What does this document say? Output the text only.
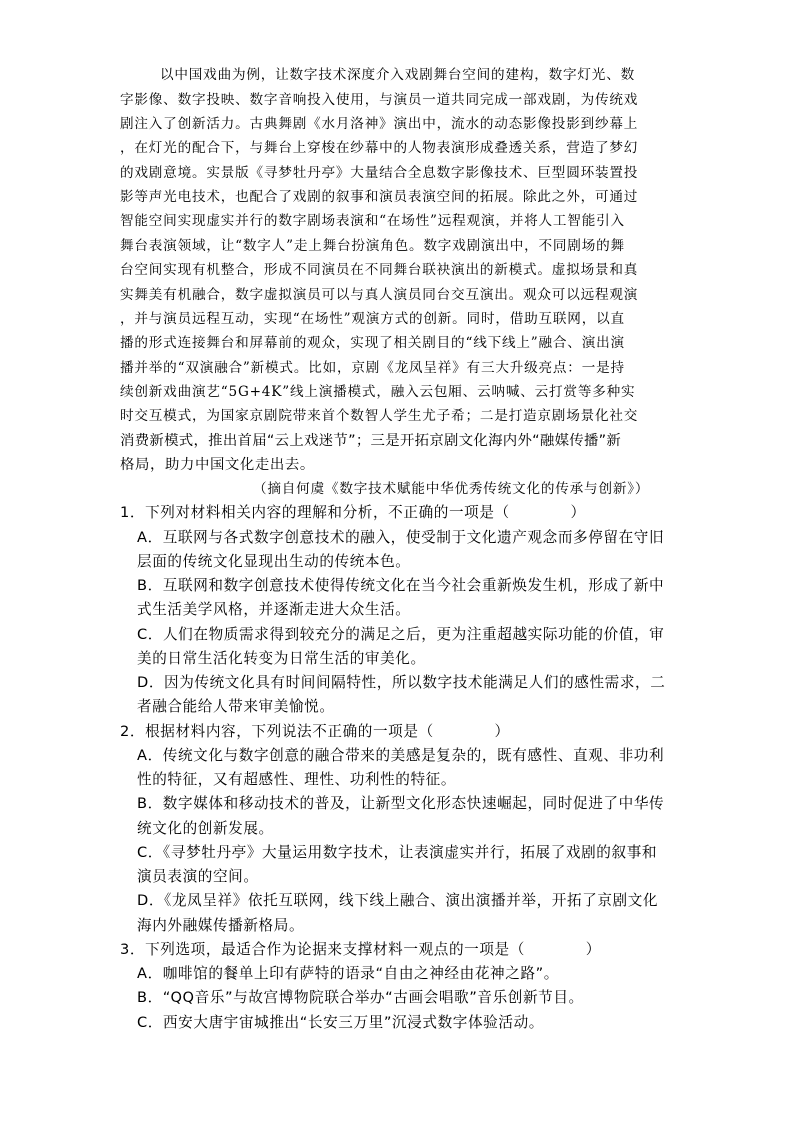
以中国戏曲为例，让数字技术深度介入戏剧舞台空间的建构，数字灯光、数
字影像、数字投映、数字音响投入使用，与演员一道共同完成一部戏剧，为传统戏
剧注入了创新活力。古典舞剧《水月洛神》演出中，流水的动态影像投影到纱幕上
，在灯光的配合下，与舞台上穿梭在纱幕中的人物表演形成叠透关系，营造了梦幻
的戏剧意境。实景版《寻梦牡丹亭》大量结合全息数字影像技术、巨型圆环装置投
影等声光电技术，也配合了戏剧的叙事和演员表演空间的拓展。除此之外，可通过
智能空间实现虚实并行的数字剧场表演和“在场性”远程观演，并将人工智能引入
舞台表演领域，让“数字人”走上舞台扮演角色。数字戏剧演出中，不同剧场的舞
台空间实现有机整合，形成不同演员在不同舞台联袂演出的新模式。虚拟场景和真
实舞美有机融合，数字虚拟演员可以与真人演员同台交互演出。观众可以远程观演
，并与演员远程互动，实现“在场性”观演方式的创新。同时，借助互联网，以直
播的形式连接舞台和屏幕前的观众，实现了相关剧目的“线下线上”融合、演出演
播并举的“双演融合”新模式。比如，京剧《龙凤呈祥》有三大升级亮点：一是持
续创新戏曲演艺“5G+4K”线上演播模式，融入云包厢、云呐喊、云打赏等多种实
时交互模式，为国家京剧院带来首个数智人学生尤子希；二是打造京剧场景化社交
消费新模式，推出首届“云上戏迷节”；三是开拓京剧文化海内外“融媒传播”新
格局，助力中国文化走出去。
（摘自何虞《数字技术赋能中华优秀传统文化的传承与创新》）
1．下列对材料相关内容的理解和分析，不正确的一项是（　　　　）
A．互联网与各式数字创意技术的融入，使受制于文化遗产观念而多停留在守旧
层面的传统文化显现出生动的传统本色。
B．互联网和数字创意技术使得传统文化在当今社会重新焕发生机，形成了新中
式生活美学风格，并逐渐走进大众生活。
C．人们在物质需求得到较充分的满足之后，更为注重超越实际功能的价值，审
美的日常生活化转变为日常生活的审美化。
D．因为传统文化具有时间间隔特性，所以数字技术能满足人们的感性需求，二
者融合能给人带来审美愉悦。
2．根据材料内容，下列说法不正确的一项是（　　　　）
A．传统文化与数字创意的融合带来的美感是复杂的，既有感性、直观、非功利
性的特征，又有超感性、理性、功利性的特征。
B．数字媒体和移动技术的普及，让新型文化形态快速崛起，同时促进了中华传
统文化的创新发展。
C．《寻梦牡丹亭》大量运用数字技术，让表演虚实并行，拓展了戏剧的叙事和
演员表演的空间。
D．《龙凤呈祥》依托互联网，线下线上融合、演出演播并举，开拓了京剧文化
海内外融媒传播新格局。
3．下列选项，最适合作为论据来支撑材料一观点的一项是（　　　　）
A．咖啡馆的餐单上印有萨特的语录“自由之神经由花神之路”。
B．“QQ音乐”与故宫博物院联合举办“古画会唱歌”音乐创新节目。
C．西安大唐宇宙城推出“长安三万里”沉浸式数字体验活动。
